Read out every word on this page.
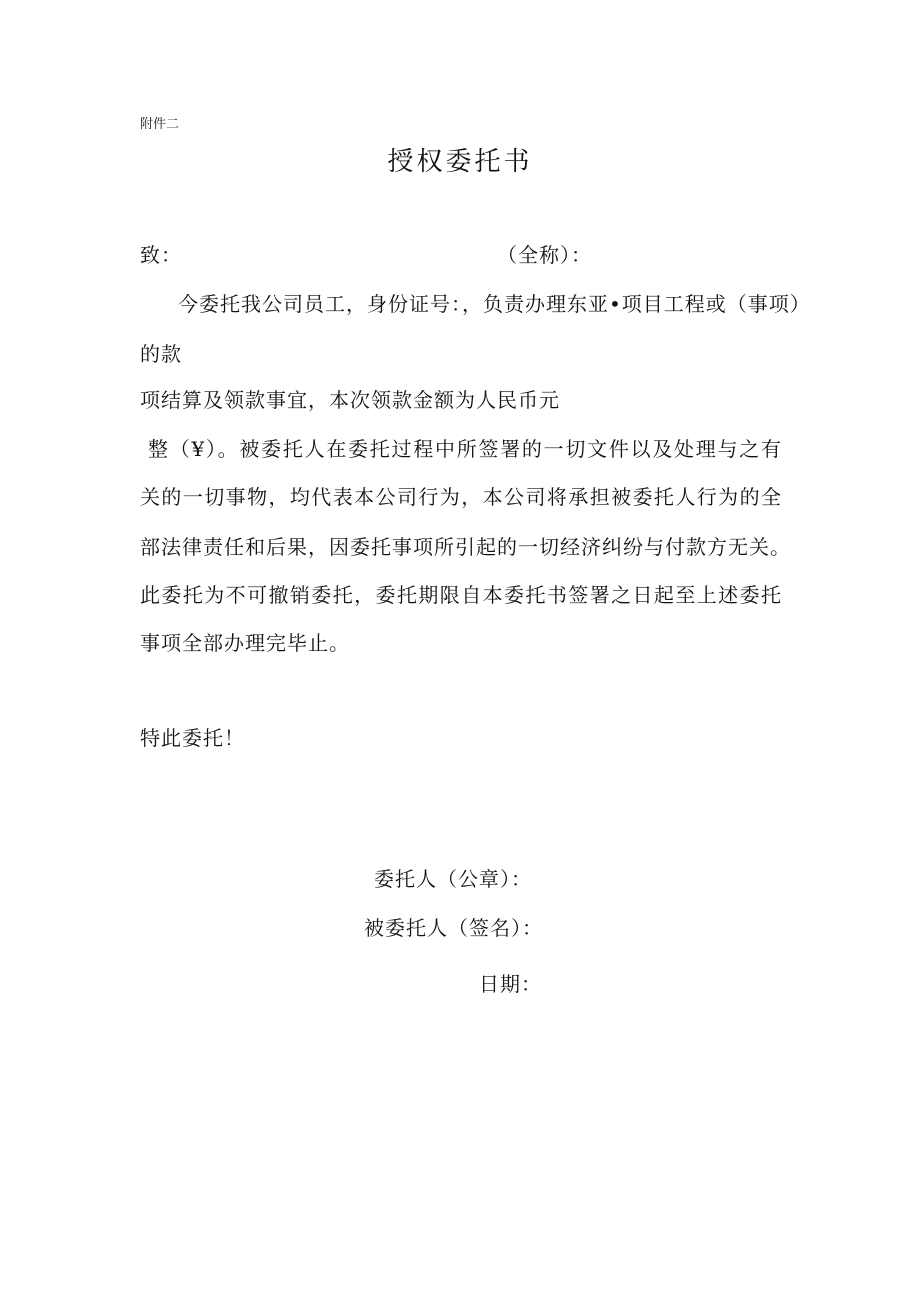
附件二
授权委托书
致：	（全称）：
今委托我公司员工，身份证号：，负责办理东亚•项目工程或（事项）
的款
项结算及领款事宜，本次领款金额为人民币元
整（¥）。被委托人在委托过程中所签署的一切文件以及处理与之有
关的一切事物，均代表本公司行为，本公司将承担被委托人行为的全
部法律责任和后果，因委托事项所引起的一切经济纠纷与付款方无关。
此委托为不可撤销委托，委托期限自本委托书签署之日起至上述委托
事项全部办理完毕止。
特此委托！
委托人（公章）：
被委托人（签名）：
日期：
